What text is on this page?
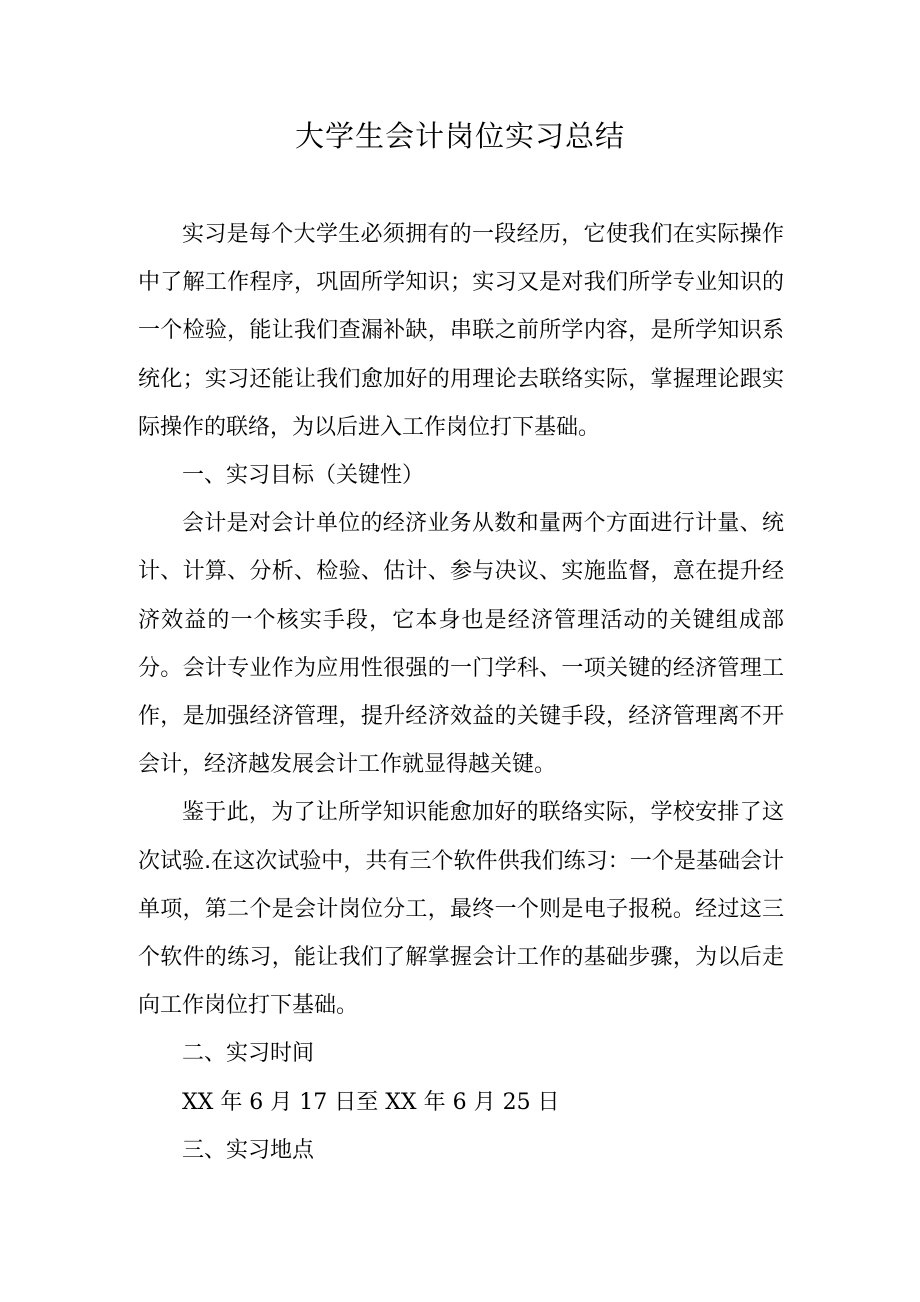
大学生会计岗位实习总结

实习是每个大学生必须拥有的一段经历，它使我们在实际操作中了解工作程序，巩固所学知识；实习又是对我们所学专业知识的一个检验，能让我们查漏补缺，串联之前所学内容，是所学知识系统化；实习还能让我们愈加好的用理论去联络实际，掌握理论跟实际操作的联络，为以后进入工作岗位打下基础。

一、实习目标（关键性）

会计是对会计单位的经济业务从数和量两个方面进行计量、统计、计算、分析、检验、估计、参与决议、实施监督，意在提升经济效益的一个核实手段，它本身也是经济管理活动的关键组成部分。会计专业作为应用性很强的一门学科、一项关键的经济管理工作，是加强经济管理，提升经济效益的关键手段，经济管理离不开会计，经济越发展会计工作就显得越关键。

鉴于此，为了让所学知识能愈加好的联络实际，学校安排了这次试验.在这次试验中，共有三个软件供我们练习：一个是基础会计单项，第二个是会计岗位分工，最终一个则是电子报税。经过这三个软件的练习，能让我们了解掌握会计工作的基础步骤，为以后走向工作岗位打下基础。

二、实习时间

XX 年 6 月 17 日至 XX 年 6 月 25 日

三、实习地点
